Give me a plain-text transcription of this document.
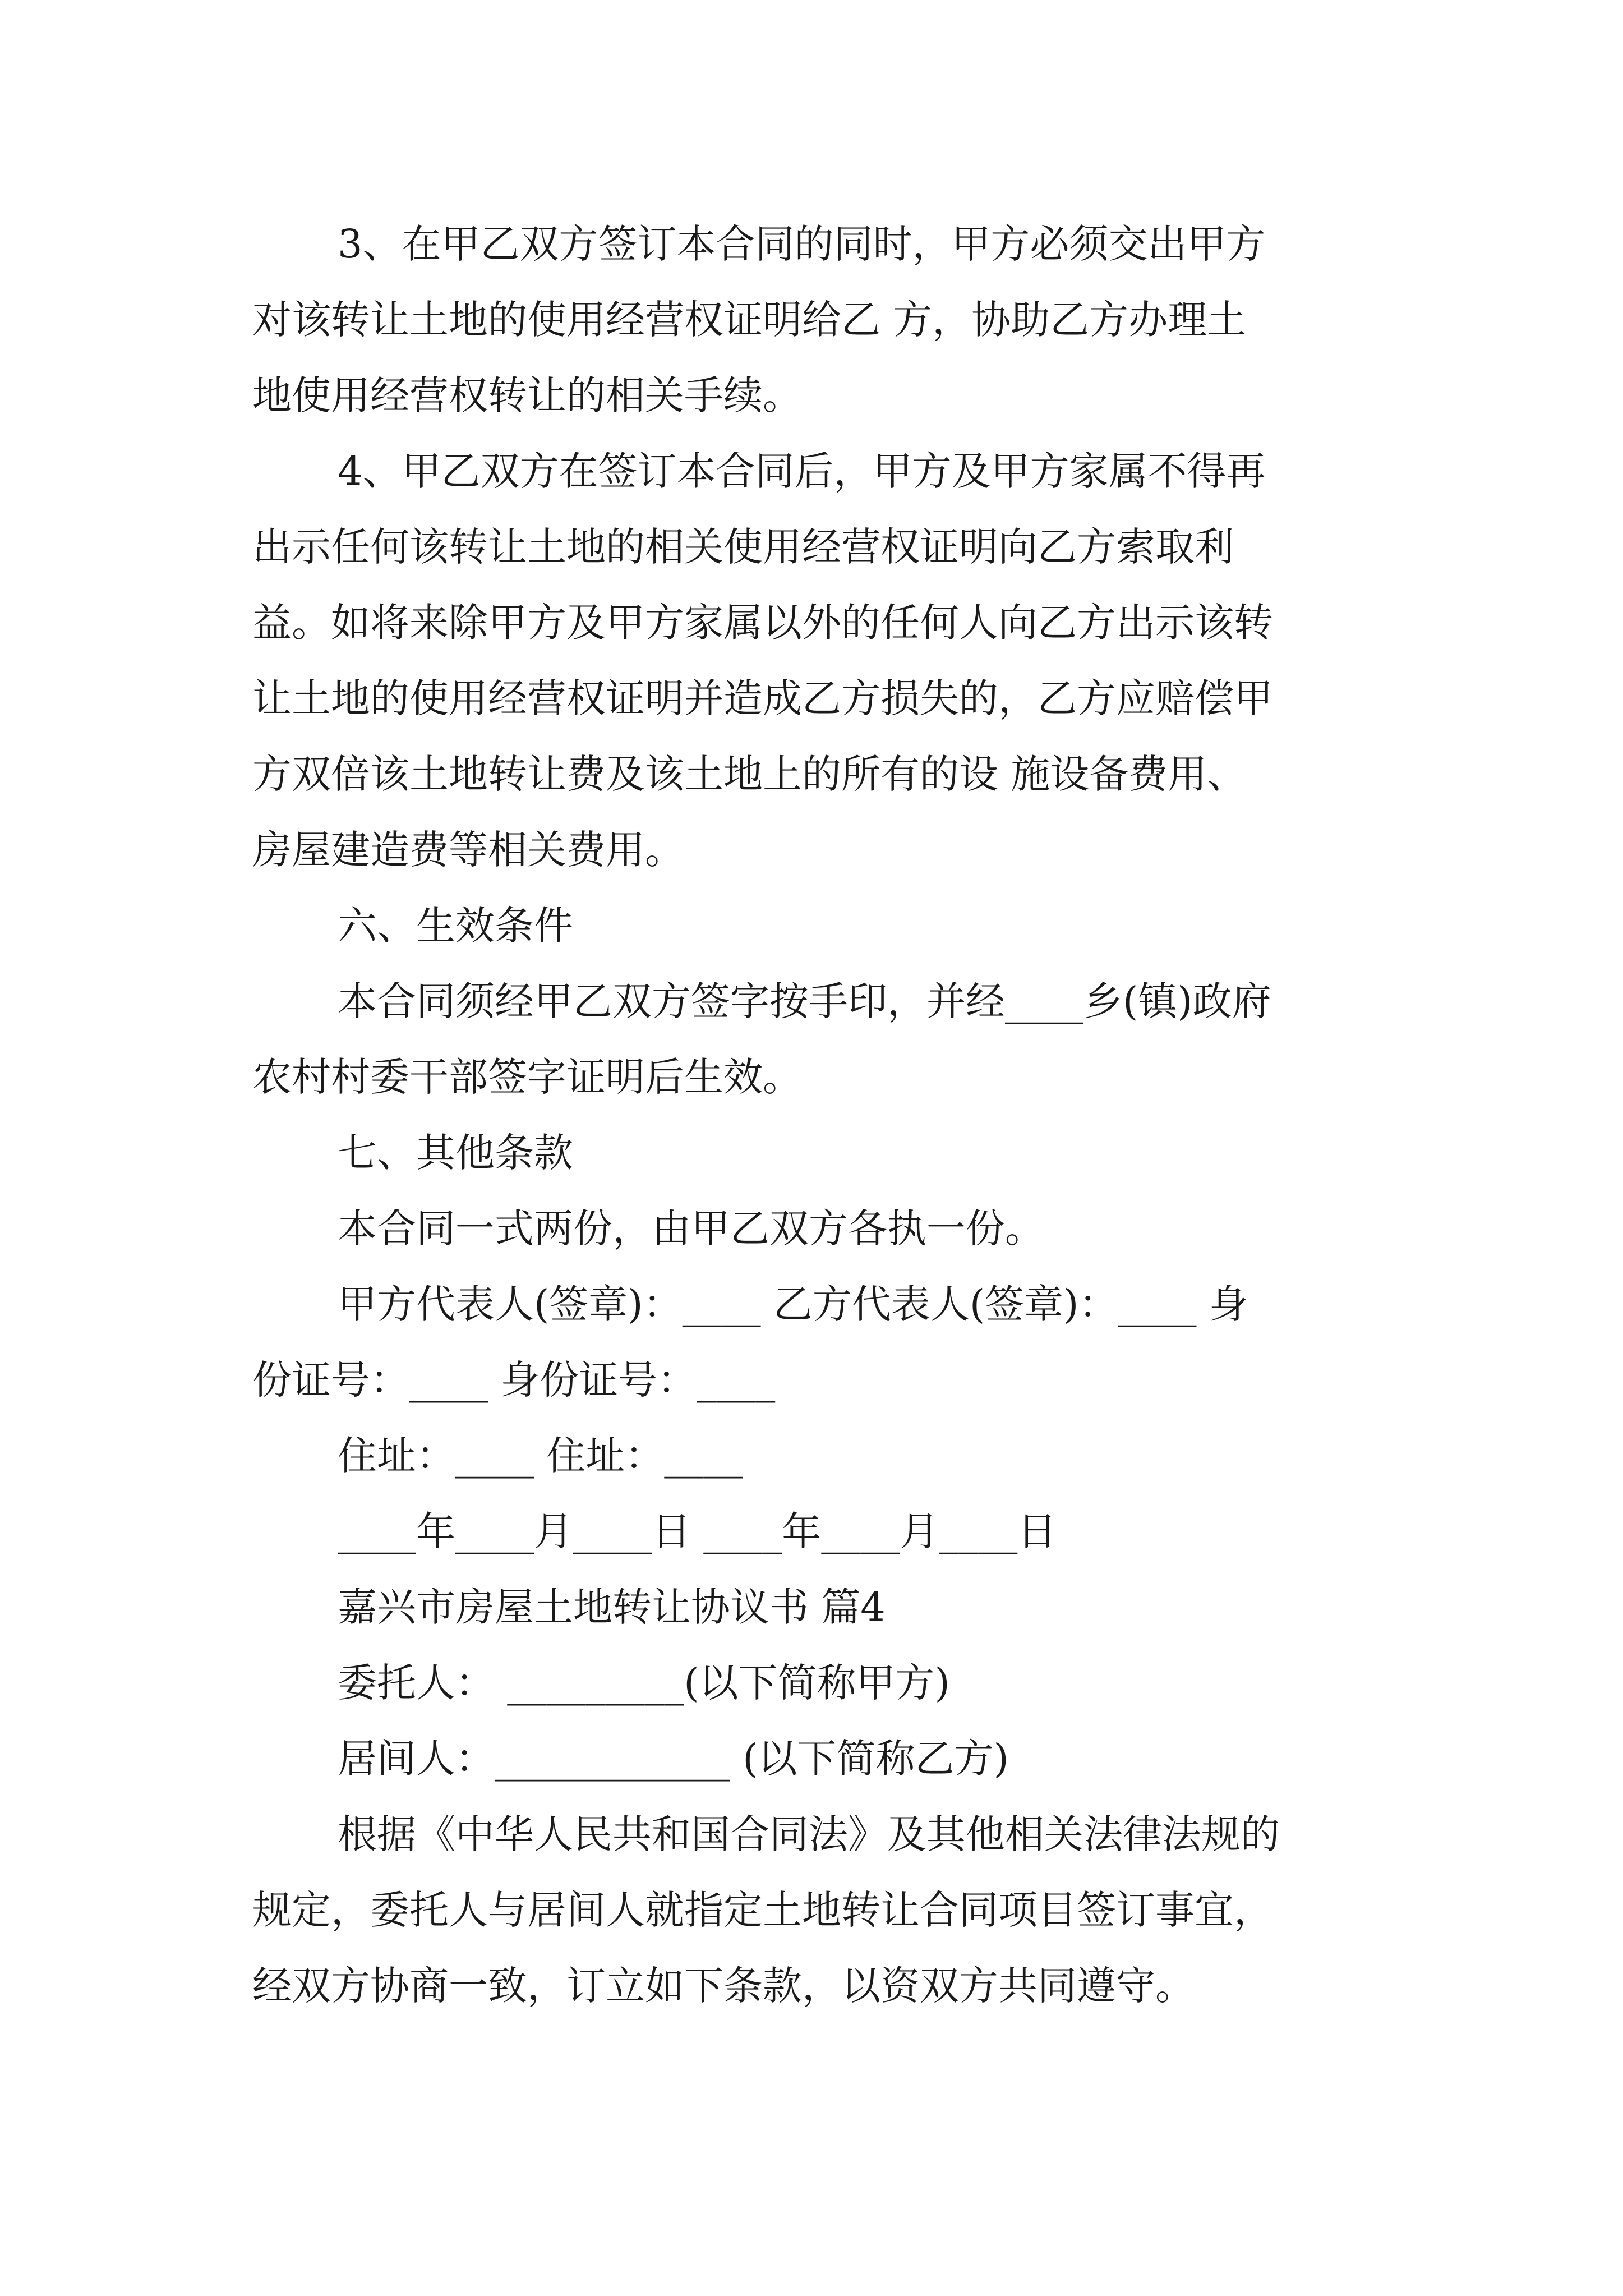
3、在甲乙双方签订本合同的同时，甲方必须交出甲方

对该转让土地的使用经营权证明给乙 方，协助乙方办理土

地使用经营权转让的相关手续。

4、甲乙双方在签订本合同后，甲方及甲方家属不得再

出示任何该转让土地的相关使用经营权证明向乙方索取利

益。如将来除甲方及甲方家属以外的任何人向乙方出示该转

让土地的使用经营权证明并造成乙方损失的，乙方应赔偿甲

方双倍该土地转让费及该土地上的所有的设 施设备费用、

房屋建造费等相关费用。

六、生效条件

本合同须经甲乙双方签字按手印，并经____乡(镇)政府

农村村委干部签字证明后生效。

七、其他条款

本合同一式两份，由甲乙双方各执一份。

甲方代表人(签章)：____ 乙方代表人(签章)：____ 身

份证号：____ 身份证号：____

住址：____ 住址：____

____年____月____日 ____年____月____日

嘉兴市房屋土地转让协议书 篇4

委托人： _________(以下简称甲方)

居间人：____________ (以下简称乙方)

根据《中华人民共和国合同法》及其他相关法律法规的

规定，委托人与居间人就指定土地转让合同项目签订事宜，

经双方协商一致，订立如下条款，以资双方共同遵守。
